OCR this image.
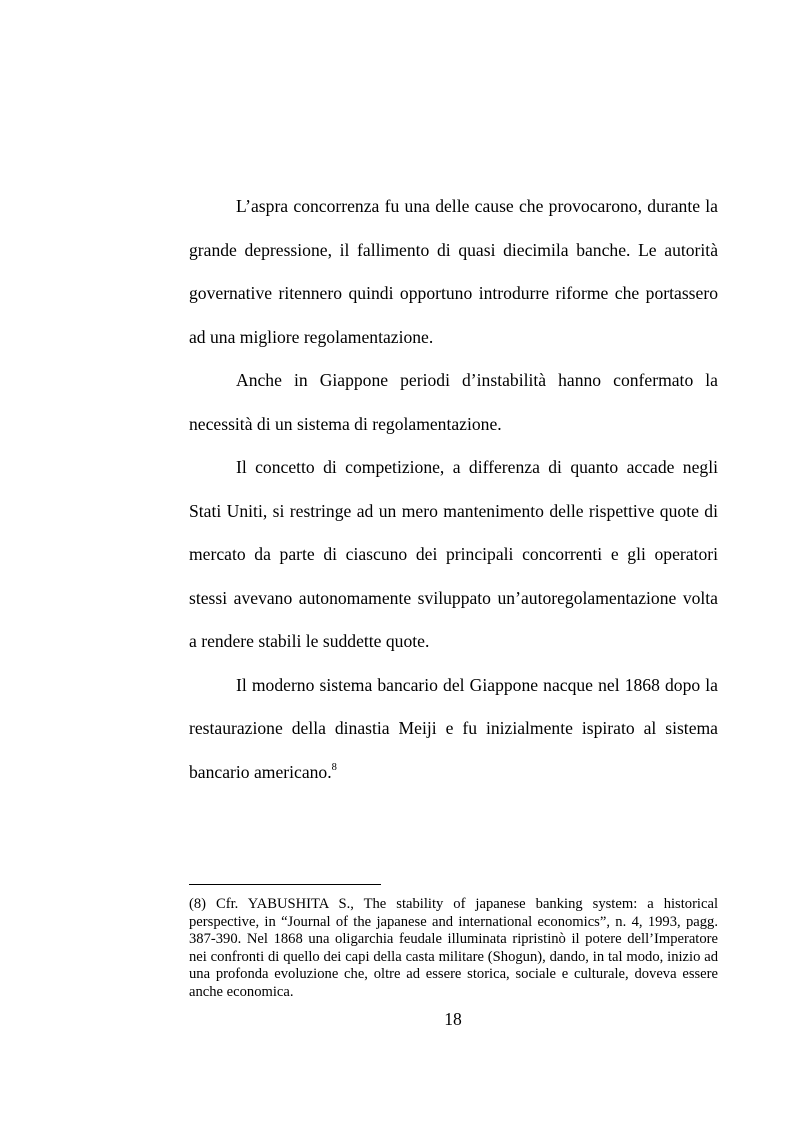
L’aspra concorrenza fu una delle cause che provocarono, durante la grande depressione, il fallimento di quasi diecimila banche. Le autorità governative ritennero quindi opportuno introdurre riforme che portassero ad una migliore regolamentazione.

Anche in Giappone periodi d’instabilità hanno confermato la necessità di un sistema di regolamentazione.

Il concetto di competizione, a differenza di quanto accade negli Stati Uniti, si restringe ad un mero mantenimento delle rispettive quote di mercato da parte di ciascuno dei principali concorrenti e gli operatori stessi avevano autonomamente sviluppato un’autoregolamentazione volta a rendere stabili le suddette quote.

Il moderno sistema bancario del Giappone nacque nel 1868 dopo la restaurazione della dinastia Meiji e fu inizialmente ispirato al sistema bancario americano.$^8$

(8) Cfr. YABUSHITA S., The stability of japanese banking system: a historical perspective, in “Journal of the japanese and international economics”, n. 4, 1993, pagg. 387-390. Nel 1868 una oligarchia feudale illuminata ripristinò il potere dell’Imperatore nei confronti di quello dei capi della casta militare (Shogun), dando, in tal modo, inizio ad una profonda evoluzione che, oltre ad essere storica, sociale e culturale, doveva essere anche economica.

18
